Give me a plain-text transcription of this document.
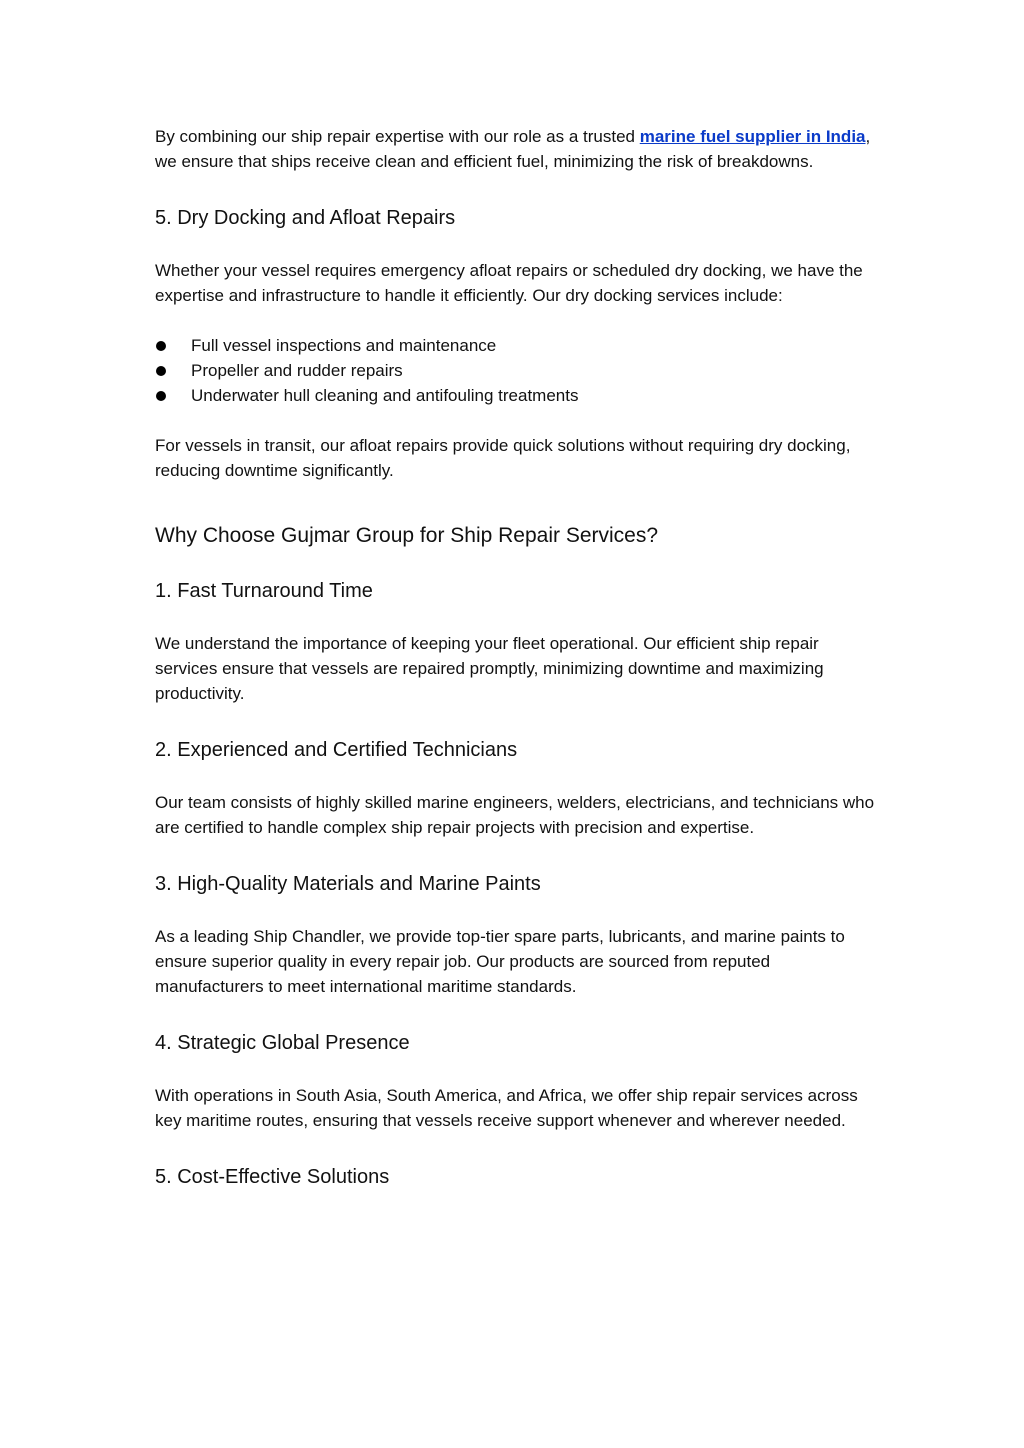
By combining our ship repair expertise with our role as a trusted marine fuel supplier in India, we ensure that ships receive clean and efficient fuel, minimizing the risk of breakdowns.

5. Dry Docking and Afloat Repairs

Whether your vessel requires emergency afloat repairs or scheduled dry docking, we have the expertise and infrastructure to handle it efficiently. Our dry docking services include:

Full vessel inspections and maintenance
Propeller and rudder repairs
Underwater hull cleaning and antifouling treatments

For vessels in transit, our afloat repairs provide quick solutions without requiring dry docking, reducing downtime significantly.

Why Choose Gujmar Group for Ship Repair Services?
1. Fast Turnaround Time

We understand the importance of keeping your fleet operational. Our efficient ship repair services ensure that vessels are repaired promptly, minimizing downtime and maximizing productivity.

2. Experienced and Certified Technicians

Our team consists of highly skilled marine engineers, welders, electricians, and technicians who are certified to handle complex ship repair projects with precision and expertise.

3. High-Quality Materials and Marine Paints

As a leading Ship Chandler, we provide top-tier spare parts, lubricants, and marine paints to ensure superior quality in every repair job. Our products are sourced from reputed manufacturers to meet international maritime standards.

4. Strategic Global Presence

With operations in South Asia, South America, and Africa, we offer ship repair services across key maritime routes, ensuring that vessels receive support whenever and wherever needed.

5. Cost-Effective Solutions
